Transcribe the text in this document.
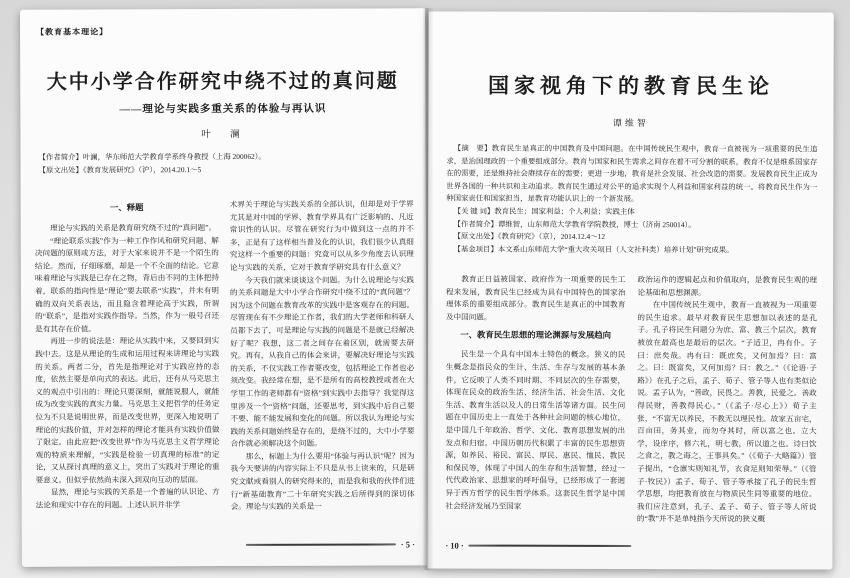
【教育基本理论】
大中小学合作研究中绕不过的真问题
——理论与实践多重关系的体验与再认识
叶　澜
【作者简介】叶澜，华东师范大学教育学系终身教授（上海 200062）。
【原文出处】《教育发展研究》（沪），2014.20.1～5
一、释题

理论与实践的关系是教育研究绕不过的“真问题”。

“理论联系实践”作为一种工作作风和研究问题、解决问题的原则或方法，对于大家来说并不是一个陌生的结论。然而，仔细琢磨，却是一个不全面的结论。它意味着理论与实践是已存在之物，背后由不同的主体把持着，联系的指向性是“理论”要去联系“实践”，并未有明确的双向关系表达，而且隐含着理论高于实践，所谓的“联系”，是指对实践作指导。当然，作为一般号召还是有其存在价值。

再进一步的说法是：理论从实践中来，又要回到实践中去。这是从理论的生成和运用过程来讲理论与实践的关系。两者二分，首先是指理论对于实践应持的态度，依然主要是单向式的表达。此后，还有从马克思主义的观点中引出的：理论只要深刻，就能说服人，就能成为改变实践的真实力量。马克思主义把哲学的任务定位为不只是说明世界，而是改变世界，更深入地说明了理论的实践价值，并对怎样的理论才能具有实践价值做了限定。由此应把“改变世界”作为马克思主义哲学理论观的特质来理解，“实践是检验一切真理的标准”的定论，又从探讨真理的意义上，突出了实践对于理论的重要意义。但似乎依然尚未深入到双向互动的层面。

显然，理论与实践的关系是一个普遍的认识论、方法论和现实中存在的问题。上述认识并非学

术界关于理论与实践关系的全部认识，但却是对于学界尤其是对中国的学界、教育学界具有广泛影响的、凡近常识性的认识。尽管在研究行为中做到这一点的并不多，正是有了这样相当普及化的认识，我们很少认真细究这样一个重要的问题：究竟可以从多少角度去认识理论与实践的关系，它对于教育学研究具有什么意义？

今天我们就来谈谈这个问题。为什么说理论与实践的关系问题是大中小学合作研究中绕不过的“真问题”？因为这个问题在教育改革的实践中是客观存在的问题。尽管现在有不少理论工作者，我们的大学老师和科研人员都下去了，可是理论与实践的问题是不是就已经解决好了呢？我想，这二者之间存在着区别，就需要去研究。再有，从我自己的体会来讲，要解决好理论与实践的关系，不仅实践工作者要改变，包括理论工作者也必须改变。我经常在想，是不是所有的高校教授或者在大学里工作的老师都有“资格”到实践中去指导？我觉得这里涉及一个“资格”问题，还要思考，到实践中后自己要不要、能不能发展和变化的问题。所以我认为理论与实践的关系问题始终是存在的，是绕不过的，大中小学要合作就必须解决这个问题。

那么，标题上为什么要用“体验与再认识”呢？因为我今天要讲的内容实际上不只是从书上读来的，只是研究文献或看别人的研究得来的，而是我和我的伙伴们进行“新基础教育”二十年研究实践之后所得到的深切体会。理论与实践的关系是一

· 5 ·
国家视角下的教育民生论
谭维智

【摘　要】教育民生是真正的中国教育及中国问题。在中国传统民生观中，教育一直被视为一项重要的民生追求，是治国理政的一个重要组成部分。教育与国家和民生需求之间存在着不可分割的联系，教育不仅是维系国家存在的需要，还是维持社会赓续存在的需要；更进一步地，教育是社会发展、社会改造的需要。发展教育民生正成为世界各国的一种共识和主动追求。教育民生通过对公平的追求实现个人利益和国家利益的统一。将教育民生作为一种国家责任和国家担当，是教育功能认识上的一个新发展。

【关 键 词】教育民生；国家利益；个人利益；实践主体

【作者简介】谭维智，山东师范大学教育学院教授，博士（济南 250014）。

【原文出处】《教育研究》（京），2014.12.4～12

【基金项目】本文系山东师范大学“重大攻关项目（人文社科类）培养计划”研究成果。

教育正日益被国家、政府作为一项重要的民生工程来发展，教育民生已经成为具有中国特色的国家治理体系的重要组成部分。教育民生是真正的中国教育及中国问题。

一、教育民生思想的理论渊源与发展趋向

民生是一个具有中国本土特色的概念。狭义的民生概念是指民众的生计、生活、生存与发展的基本条件，它反映了人类不同时期、不同层次的生存需要，体现在民众的政治生活、经济生活、社会生活、文化生活、教育生活以及人的日常生活等诸方面。民生问题在中国历史上一直处于各种社会问题的核心地位，是中国几千年政治、哲学、文化、教育思想发展的出发点和归宿。中国历朝历代积累了丰富的民生思想资源，如养民、裕民、富民、厚民、惠民、恤民、教民和保民等，体现了中国人的生存和生活智慧，经过一代代政治家、思想家的呼吁倡导，已经形成了一套迥异于西方哲学的民生哲学体系。这套民生哲学是中国社会经济发展乃至国家

政治运作的逻辑起点和价值取向，是教育民生观的理论基础和思想渊源。

在中国传统民生观中，教育一直被视为一项重要的民生追求。最早对教育民生思想加以表述的是孔子。孔子将民生问题分为庶、富、教三个层次，教育被放在最高也是最后的层次。“子适卫，冉有仆。子曰：庶矣哉。冉有曰：既庶矣，又何加焉？曰：富之。曰：既富矣，又何加焉？曰：教之。”（《论语·子路》）在孔子之后，孟子、荀子、管子等人也有类似论说。孟子认为，“善政，民畏之。善教，民爱之。善政得民财，善教得民心。”（《孟子·尽心上》）荀子主张，“不富无以养民，不教无以理民性。故家五亩宅，百亩田，务其业，而勿夺其时，所以富之也。立大学，设庠序，修六礼，明七教，所以道之也。诗曰饮之食之，教之诲之，王事具矣。”（《荀子·大略篇》）管子提出，“仓廪实则知礼节，衣食足则知荣辱。”（《管子·牧民》）孟子、荀子、管子等承接了孔子的民生哲学思想，均把教育放在与物质民生同等重要的地位。我们应注意到，孔子、孟子、荀子、管子等人所说的“教”并不是单纯指今天所说的狭义概

· 10 ·
